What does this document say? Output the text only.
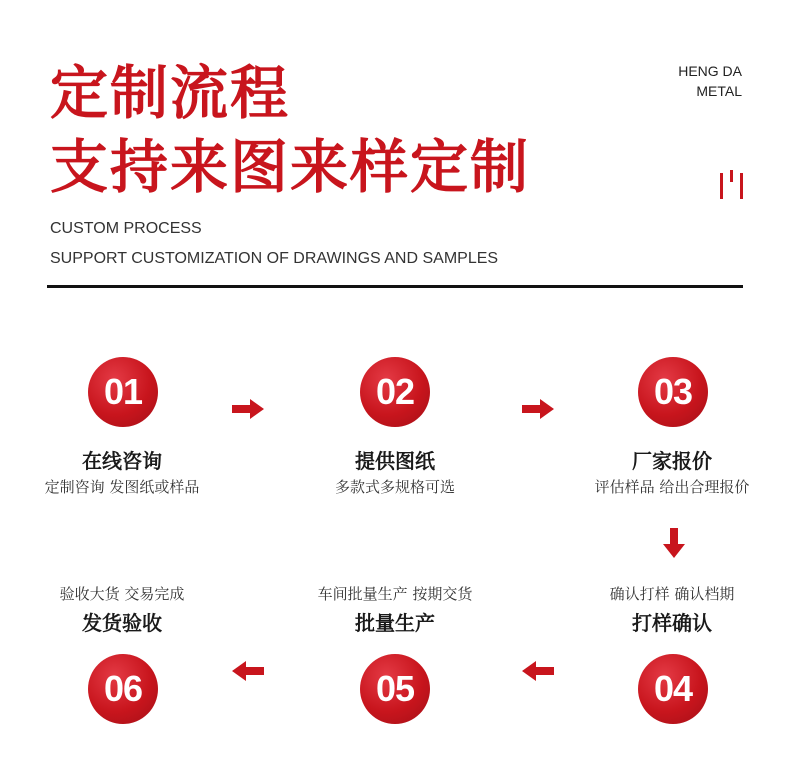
定制流程
支持来图来样定制
HENG DA
METAL
CUSTOM PROCESS
SUPPORT CUSTOMIZATION OF DRAWINGS AND SAMPLES
01
在线咨询
定制咨询 发图纸或样品
02
提供图纸
多款式多规格可选
03
厂家报价
评估样品 给出合理报价
验收大货 交易完成
发货验收
06
车间批量生产 按期交货
批量生产
05
确认打样 确认档期
打样确认
04
